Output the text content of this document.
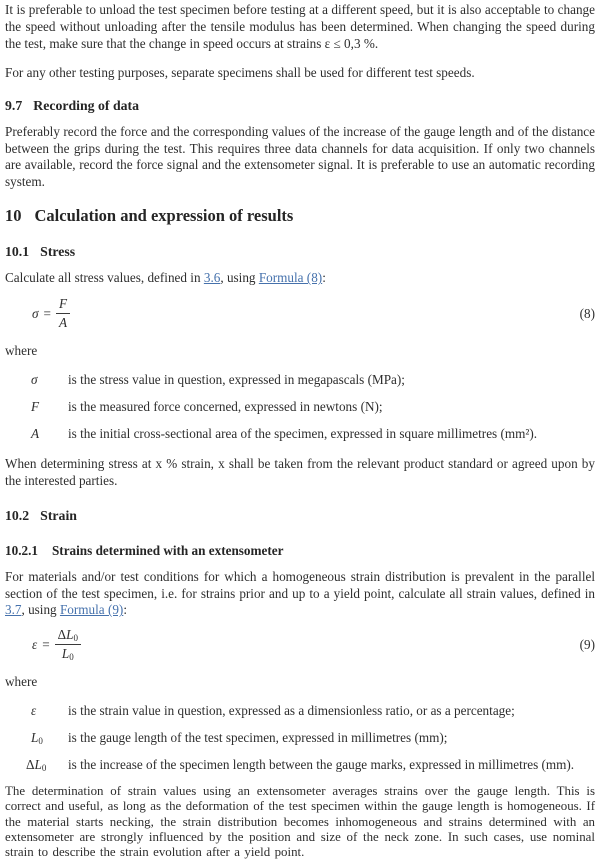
It is preferable to unload the test specimen before testing at a different speed, but it is also acceptable to change the speed without unloading after the tensile modulus has been determined. When changing the speed during the test, make sure that the change in speed occurs at strains ε ≤ 0,3 %.

For any other testing purposes, separate specimens shall be used for different test speeds.

9.7 Recording of data

Preferably record the force and the corresponding values of the increase of the gauge length and of the distance between the grips during the test. This requires three data channels for data acquisition. If only two channels are available, record the force signal and the extensometer signal. It is preferable to use an automatic recording system.

10 Calculation and expression of results
10.1 Stress

Calculate all stress values, defined in 3.6, using Formula (8):

$\sigma = \frac{F}{A}$	(8)

where

σ	is the stress value in question, expressed in megapascals (MPa);
F	is the measured force concerned, expressed in newtons (N);
A	is the initial cross-sectional area of the specimen, expressed in square millimetres (mm²).

When determining stress at x % strain, x shall be taken from the relevant product standard or agreed upon by the interested parties.

10.2 Strain
10.2.1 Strains determined with an extensometer

For materials and/or test conditions for which a homogeneous strain distribution is prevalent in the parallel section of the test specimen, i.e. for strains prior and up to a yield point, calculate all strain values, defined in 3.7, using Formula (9):

$\varepsilon = \frac{\Delta L_0}{L_0}$	(9)

where

ε	is the strain value in question, expressed as a dimensionless ratio, or as a percentage;
$L_0$	is the gauge length of the test specimen, expressed in millimetres (mm);
$\Delta L_0$	is the increase of the specimen length between the gauge marks, expressed in millimetres (mm).

The determination of strain values using an extensometer averages strains over the gauge length. This is correct and useful, as long as the deformation of the test specimen within the gauge length is homogeneous. If the material starts necking, the strain distribution becomes inhomogeneous and strains determined with an extensometer are strongly influenced by the position and size of the neck zone. In such cases, use nominal strain to describe the strain evolution after a yield point.
